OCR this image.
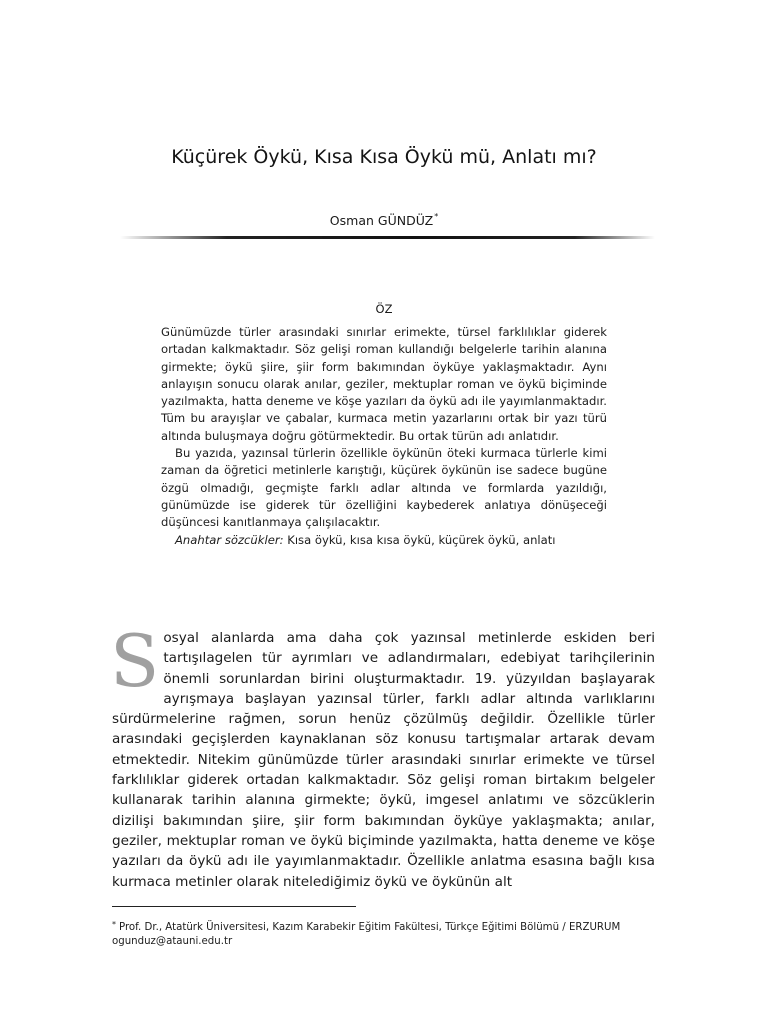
Küçürek Öykü, Kısa Kısa Öykü mü, Anlatı mı?
Osman GÜNDÜZ*
ÖZ

Günümüzde türler arasındaki sınırlar erimekte, türsel farklılıklar giderek ortadan kalkmaktadır. Söz gelişi roman kullandığı belgelerle tarihin alanına girmekte; öykü şiire, şiir form bakımından öyküye yaklaşmaktadır. Aynı anlayışın sonucu olarak anılar, geziler, mektuplar roman ve öykü biçiminde yazılmakta, hatta deneme ve köşe yazıları da öykü adı ile yayımlanmaktadır. Tüm bu arayışlar ve çabalar, kurmaca metin yazarlarını ortak bir yazı türü altında buluşmaya doğru götürmektedir. Bu ortak türün adı anlatıdır.

Bu yazıda, yazınsal türlerin özellikle öykünün öteki kurmaca türlerle kimi zaman da öğretici metinlerle karıştığı, küçürek öykünün ise sadece bugüne özgü olmadığı, geçmişte farklı adlar altında ve formlarda yazıldığı, günümüzde ise giderek tür özelliğini kaybederek anlatıya dönüşeceği düşüncesi kanıtlanmaya çalışılacaktır.

Anahtar sözcükler: Kısa öykü, kısa kısa öykü, küçürek öykü, anlatı

Sosyal alanlarda ama daha çok yazınsal metinlerde eskiden beri tartışılagelen tür ayrımları ve adlandırmaları, edebiyat tarihçilerinin önemli sorunlardan birini oluşturmaktadır. 19. yüzyıldan başlayarak ayrışmaya başlayan yazınsal türler, farklı adlar altında varlıklarını sürdürmelerine rağmen, sorun henüz çözülmüş değildir. Özellikle türler arasındaki geçişlerden kaynaklanan söz konusu tartışmalar artarak devam etmektedir. Nitekim günümüzde türler arasındaki sınırlar erimekte ve türsel farklılıklar giderek ortadan kalkmaktadır. Söz gelişi roman birtakım belgeler kullanarak tarihin alanına girmekte; öykü, imgesel anlatımı ve sözcüklerin dizilişi bakımından şiire, şiir form bakımından öyküye yaklaşmakta; anılar, geziler, mektuplar roman ve öykü biçiminde yazılmakta, hatta deneme ve köşe yazıları da öykü adı ile yayımlanmaktadır. Özellikle anlatma esasına bağlı kısa kurmaca metinler olarak nitelediğimiz öykü ve öykünün alt

* Prof. Dr., Atatürk Üniversitesi, Kazım Karabekir Eğitim Fakültesi, Türkçe Eğitimi Bölümü / ERZURUM
ogunduz@atauni.edu.tr
